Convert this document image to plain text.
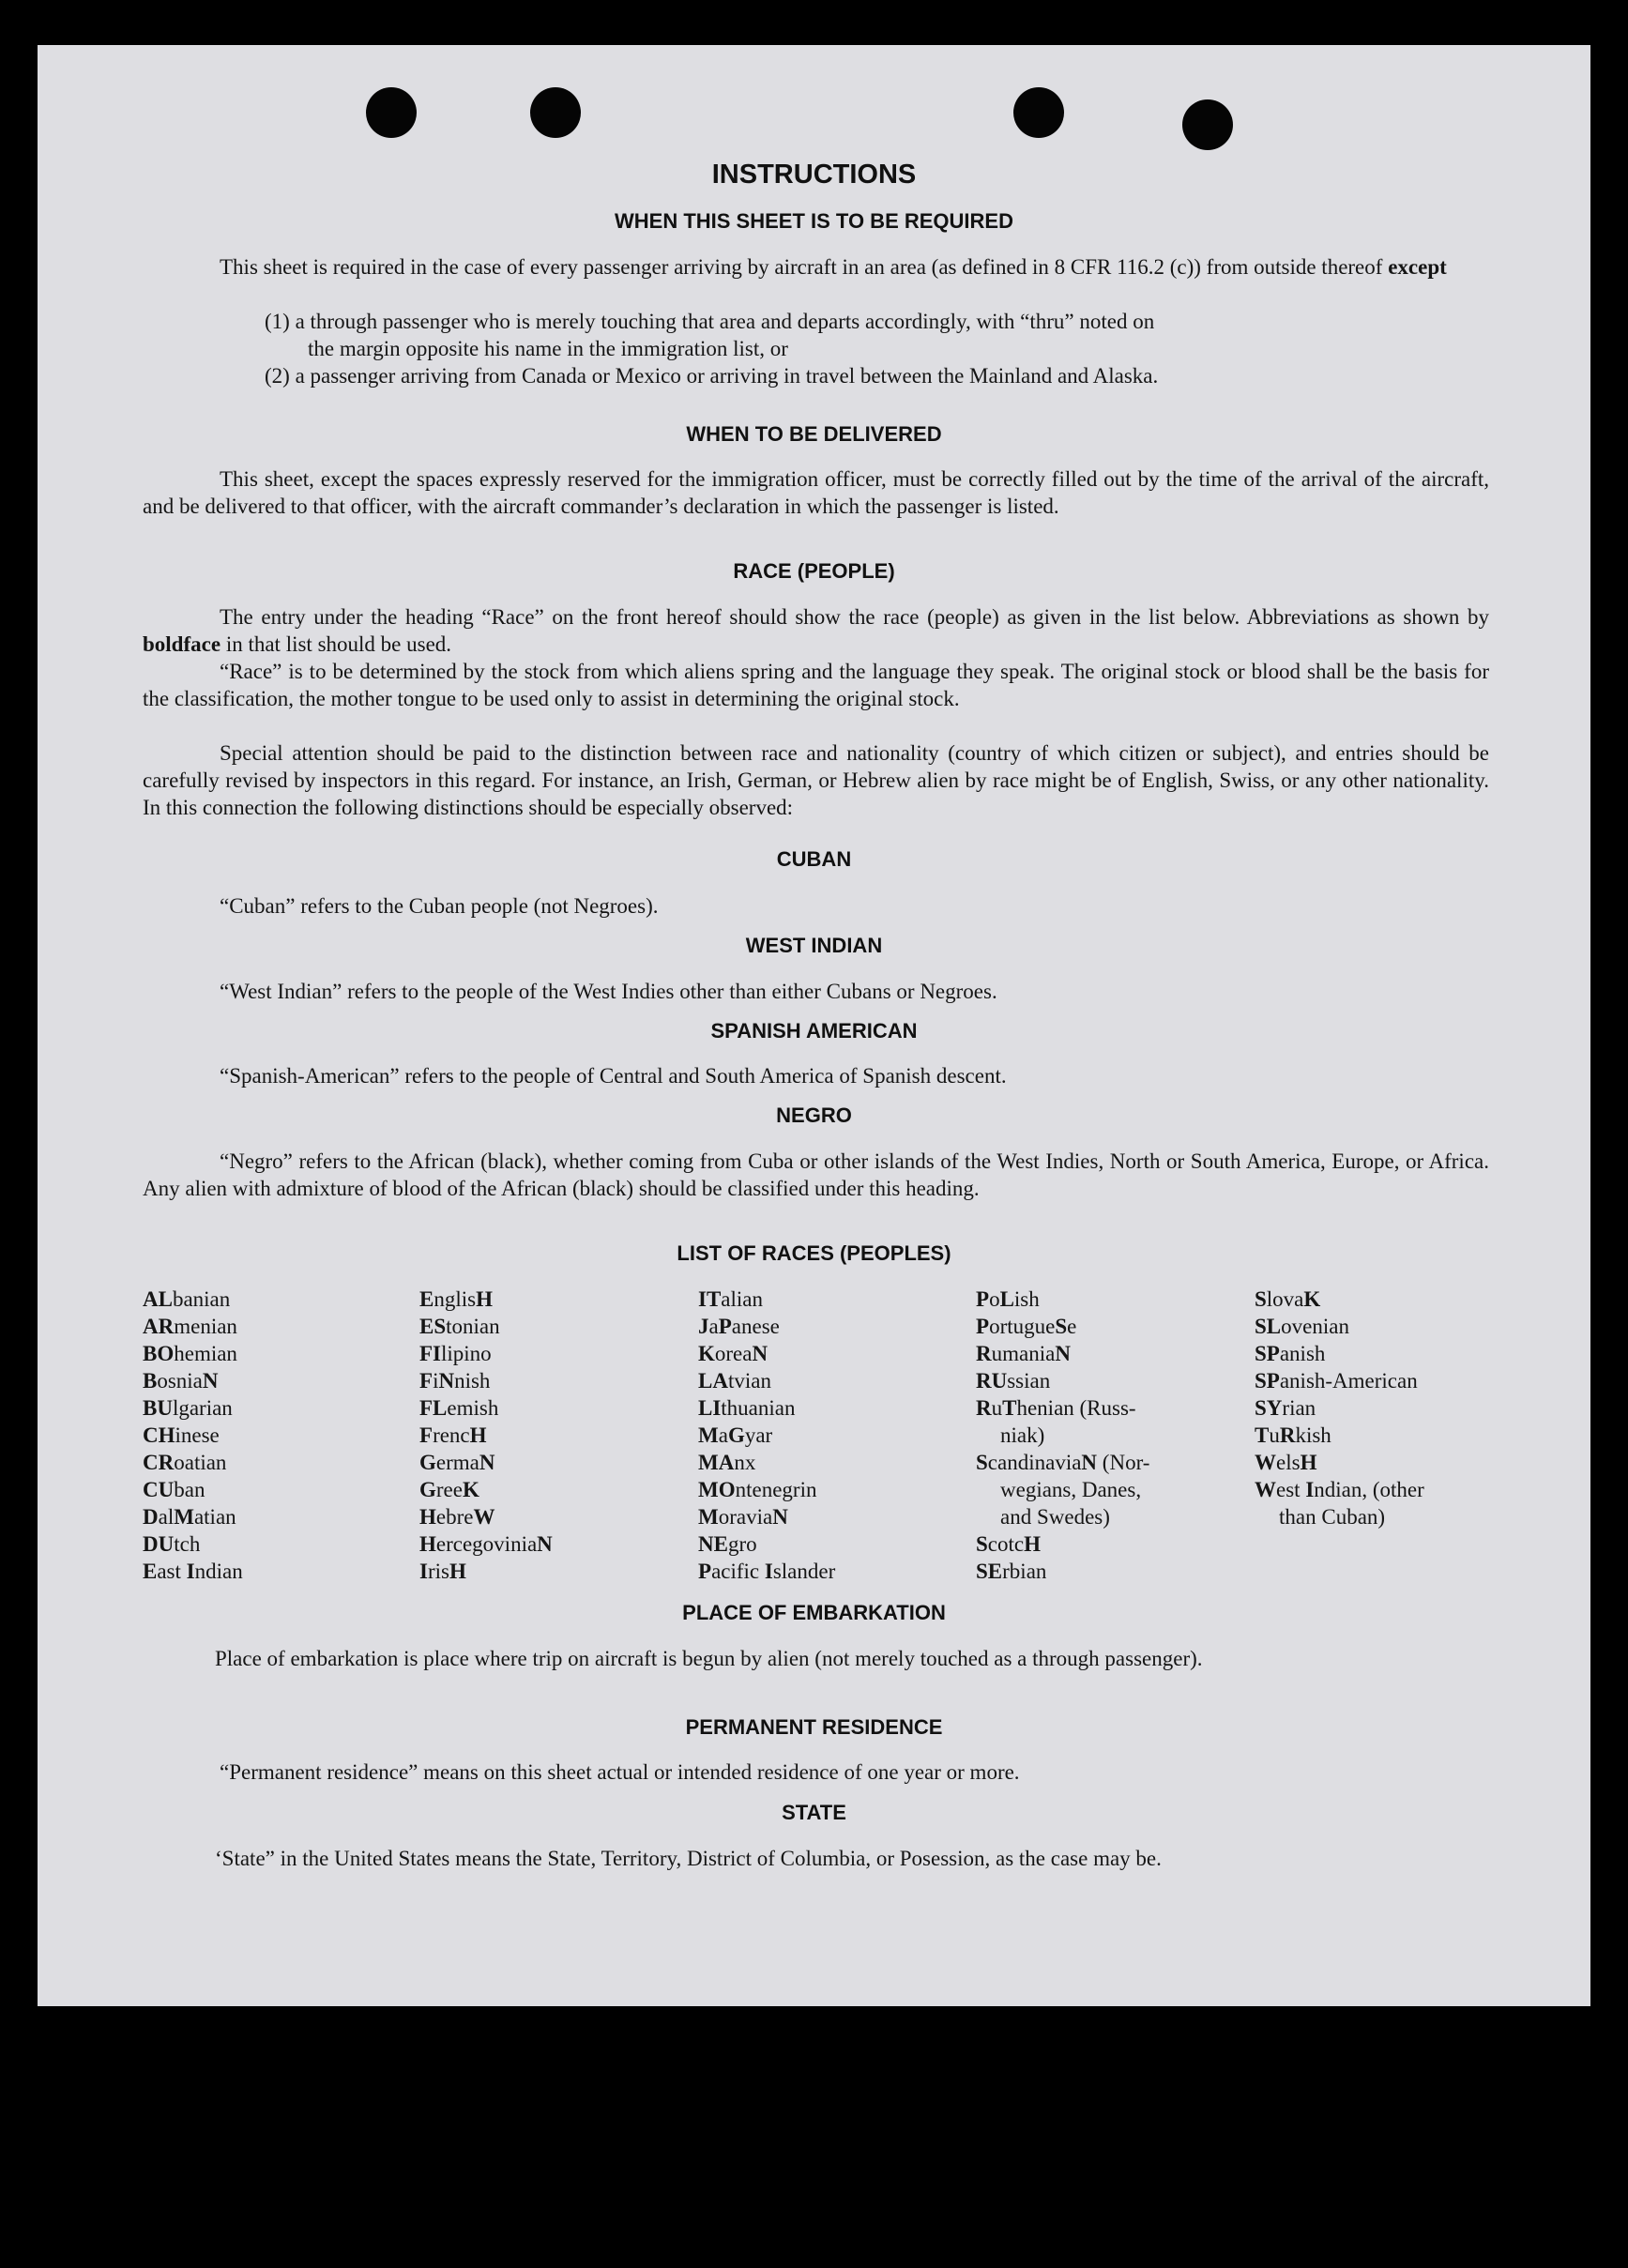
INSTRUCTIONS
WHEN THIS SHEET IS TO BE REQUIRED

This sheet is required in the case of every passenger arriving by aircraft in an area (as defined in 8 CFR 116.2 (c)) from outside thereof except

(1) a through passenger who is merely touching that area and departs accordingly, with “thru” noted on
the margin opposite his name in the immigration list, or

(2) a passenger arriving from Canada or Mexico or arriving in travel between the Mainland and Alaska.

WHEN TO BE DELIVERED

This sheet, except the spaces expressly reserved for the immigration officer, must be correctly filled out by the time of the arrival of the aircraft, and be delivered to that officer, with the aircraft commander’s declaration in which the passenger is listed.

RACE (PEOPLE)

The entry under the heading “Race” on the front hereof should show the race (people) as given in the list below. Abbreviations as shown by boldface in that list should be used.

“Race” is to be determined by the stock from which aliens spring and the language they speak. The original stock or blood shall be the basis for the classification, the mother tongue to be used only to assist in determining the original stock.

Special attention should be paid to the distinction between race and nationality (country of which citizen or subject), and entries should be carefully revised by inspectors in this regard. For instance, an Irish, German, or Hebrew alien by race might be of English, Swiss, or any other nationality. In this connection the following distinctions should be especially observed:

CUBAN

“Cuban” refers to the Cuban people (not Negroes).

WEST INDIAN

“West Indian” refers to the people of the West Indies other than either Cubans or Negroes.

SPANISH AMERICAN

“Spanish-American” refers to the people of Central and South America of Spanish descent.

NEGRO

“Negro” refers to the African (black), whether coming from Cuba or other islands of the West Indies, North or South America, Europe, or Africa. Any alien with admixture of blood of the African (black) should be classified under this heading.

LIST OF RACES (PEOPLES)
ALbanian
ARmenian
BOhemian
BosniaN
BUlgarian
CHinese
CRoatian
CUban
DalMatian
DUtch
East Indian
EnglisH
EStonian
FIlipino
FiNnish
FLemish
FrencH
GermaN
GreeK
HebreW
HercegoviniaN
IrisH
ITalian
JaPanese
KoreaN
LAtvian
LIthuanian
MaGyar
MAnx
MOntenegrin
MoraviaN
NEgro
Pacific Islander
PoLish
PortugueSe
RumaniaN
RUssian
RuThenian (Russ-
niak)
ScandinaviaN (Nor-
wegians, Danes,
and Swedes)
ScotcH
SErbian
SlovaK
SLovenian
SPanish
SPanish-American
SYrian
TuRkish
WelsH
West Indian, (other
than Cuban)
PLACE OF EMBARKATION

Place of embarkation is place where trip on aircraft is begun by alien (not merely touched as a through passenger).

PERMANENT RESIDENCE

“Permanent residence” means on this sheet actual or intended residence of one year or more.

STATE

‘State” in the United States means the State, Territory, District of Columbia, or Posession, as the case may be.
